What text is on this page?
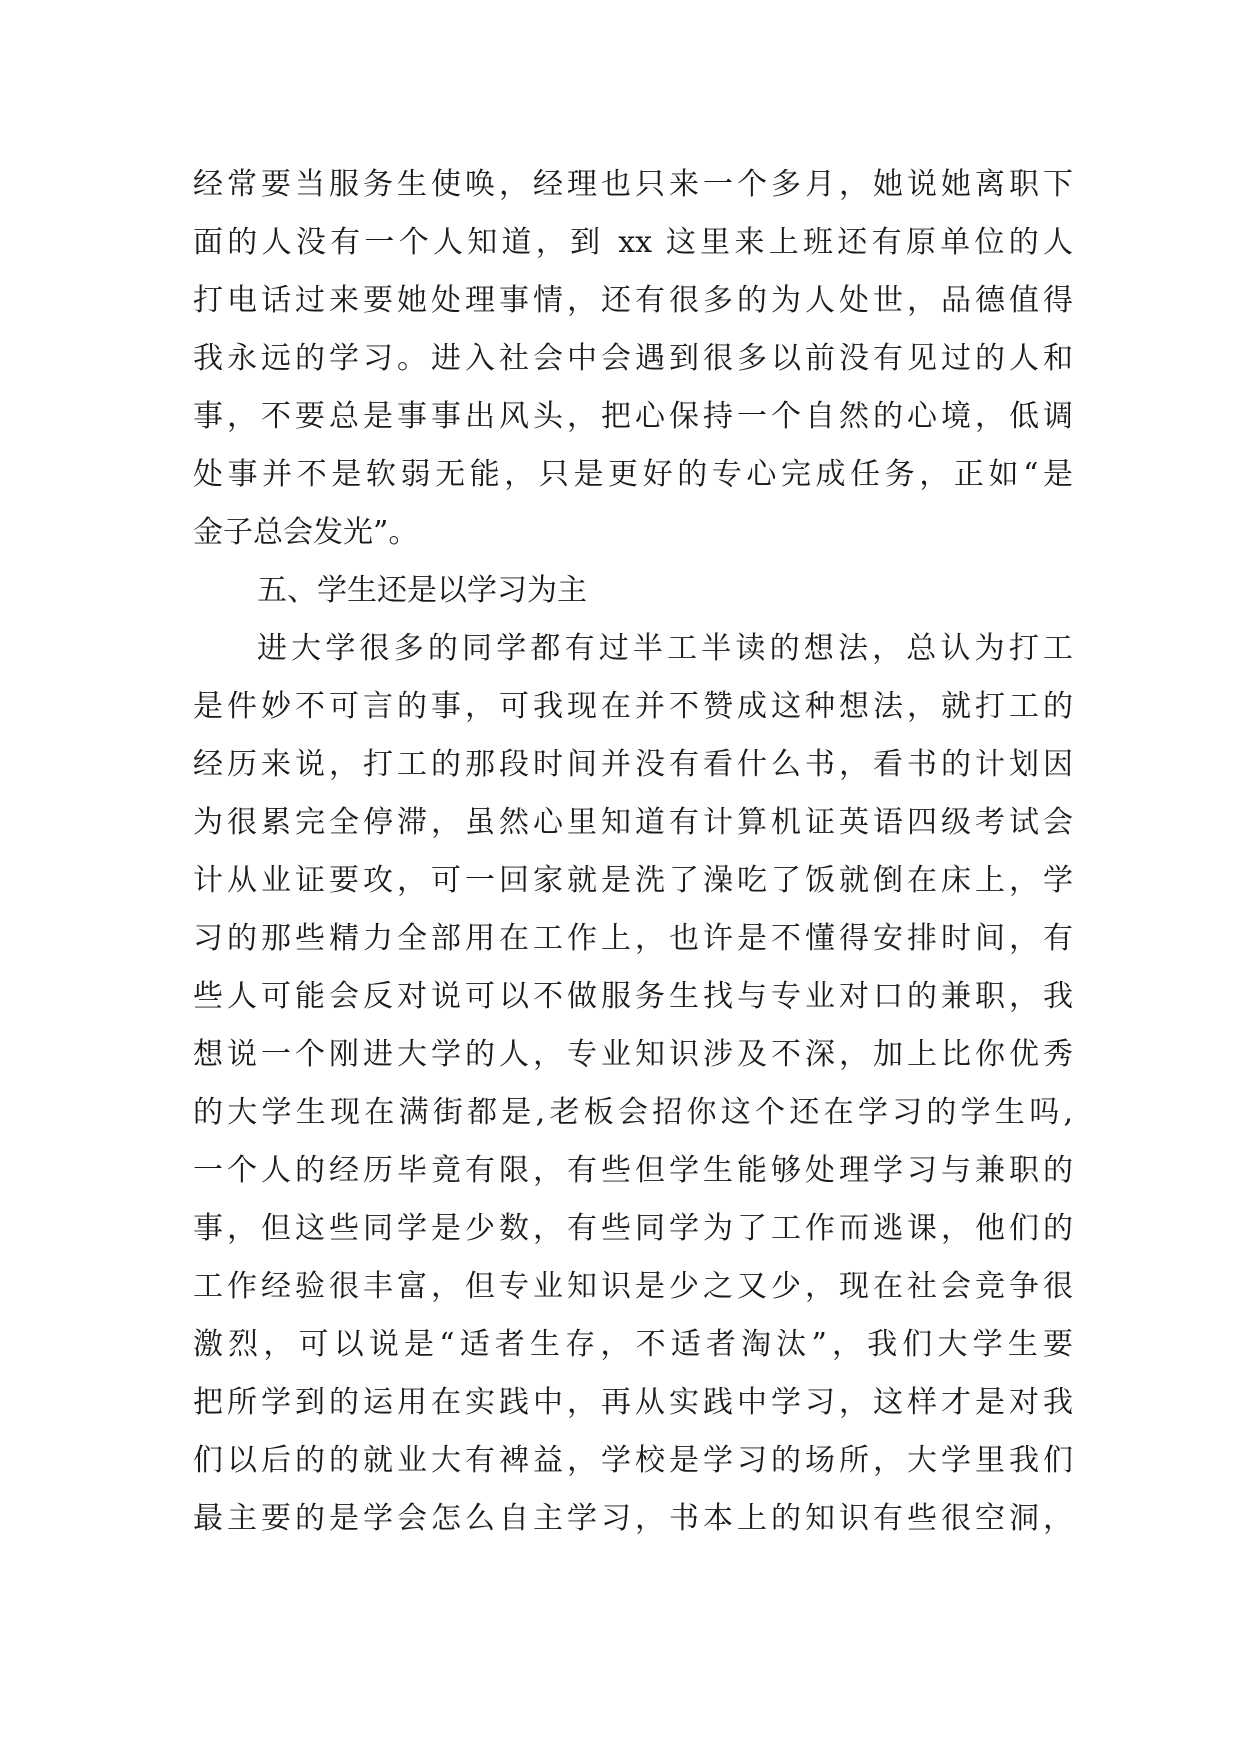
经常要当服务生使唤，经理也只来一个多月，她说她离职下
面的人没有一个人知道，到 xx 这里来上班还有原单位的人
打电话过来要她处理事情，还有很多的为人处世，品德值得
我永远的学习。进入社会中会遇到很多以前没有见过的人和
事，不要总是事事出风头，把心保持一个自然的心境，低调
处事并不是软弱无能，只是更好的专心完成任务，正如“是
金子总会发光”。
五、学生还是以学习为主
进大学很多的同学都有过半工半读的想法，总认为打工
是件妙不可言的事，可我现在并不赞成这种想法，就打工的
经历来说，打工的那段时间并没有看什么书，看书的计划因
为很累完全停滞，虽然心里知道有计算机证英语四级考试会
计从业证要攻，可一回家就是洗了澡吃了饭就倒在床上，学
习的那些精力全部用在工作上，也许是不懂得安排时间，有
些人可能会反对说可以不做服务生找与专业对口的兼职，我
想说一个刚进大学的人，专业知识涉及不深，加上比你优秀
的大学生现在满街都是,老板会招你这个还在学习的学生吗,
一个人的经历毕竟有限，有些但学生能够处理学习与兼职的
事，但这些同学是少数，有些同学为了工作而逃课，他们的
工作经验很丰富，但专业知识是少之又少，现在社会竞争很
激烈，可以说是“适者生存，不适者淘汰”，我们大学生要
把所学到的运用在实践中，再从实践中学习，这样才是对我
们以后的的就业大有裨益，学校是学习的场所，大学里我们
最主要的是学会怎么自主学习，书本上的知识有些很空洞，
